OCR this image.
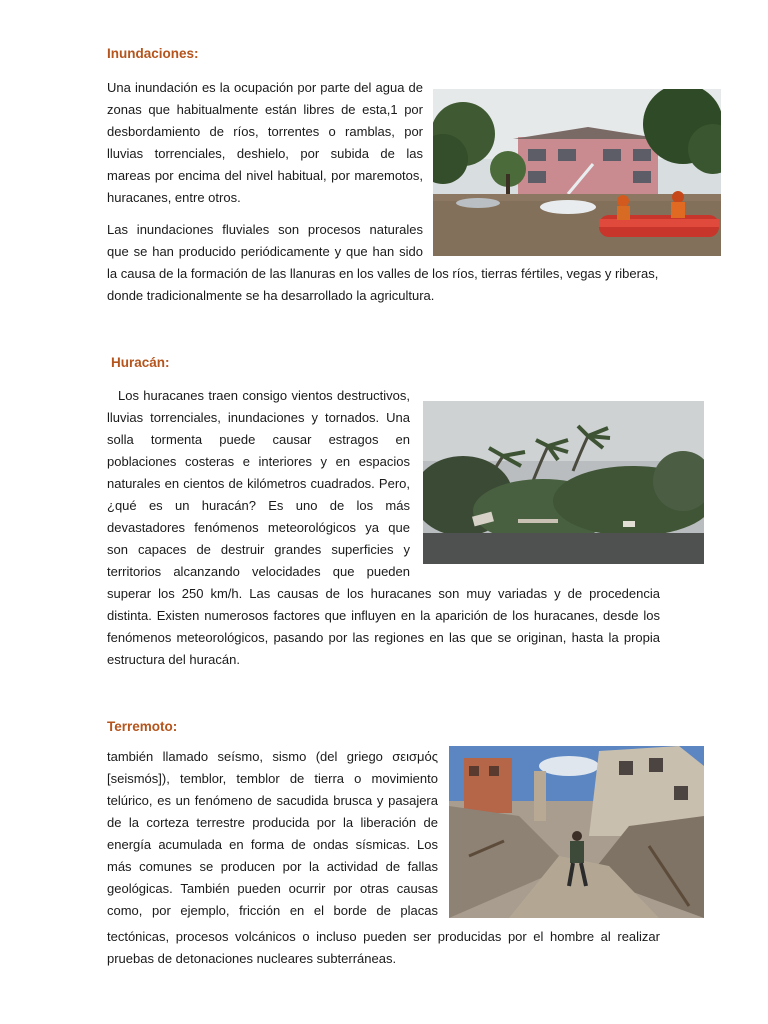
Inundaciones:

Una inundación es la ocupación por parte del agua de

zonas que habitualmente están libres de esta,1 por

desbordamiento de ríos, torrentes o ramblas, por

lluvias torrenciales, deshielo, por subida de las

mareas por encima del nivel habitual, por maremotos,

huracanes, entre otros.

Las inundaciones fluviales son procesos naturales

que se han producido periódicamente y que han sido

la causa de la formación de las llanuras en los valles de los ríos, tierras fértiles, vegas y riberas,

donde tradicionalmente se ha desarrollado la agricultura.

Huracán:

Los huracanes traen consigo vientos destructivos,

lluvias torrenciales, inundaciones y tornados. Una

solla tormenta puede causar estragos en

poblaciones costeras e interiores y en espacios

naturales en cientos de kilómetros cuadrados. Pero,

¿qué es un huracán? Es uno de los más

devastadores fenómenos meteorológicos ya que

son capaces de destruir grandes superficies y

territorios alcanzando velocidades que pueden

superar los 250 km/h. Las causas de los huracanes son muy variadas y de procedencia

distinta. Existen numerosos factores que influyen en la aparición de los huracanes, desde los

fenómenos meteorológicos, pasando por las regiones en las que se originan, hasta la propia

estructura del huracán.

Terremoto:

también llamado seísmo, sismo (del griego σεισμός

[seismós]), temblor, temblor de tierra o movimiento

telúrico, es un fenómeno de sacudida brusca y pasajera

de la corteza terrestre producida por la liberación de

energía acumulada en forma de ondas sísmicas. Los

más comunes se producen por la actividad de fallas

geológicas. También pueden ocurrir por otras causas

como, por ejemplo, fricción en el borde de placas

tectónicas, procesos volcánicos o incluso pueden ser producidas por el hombre al realizar

pruebas de detonaciones nucleares subterráneas.
